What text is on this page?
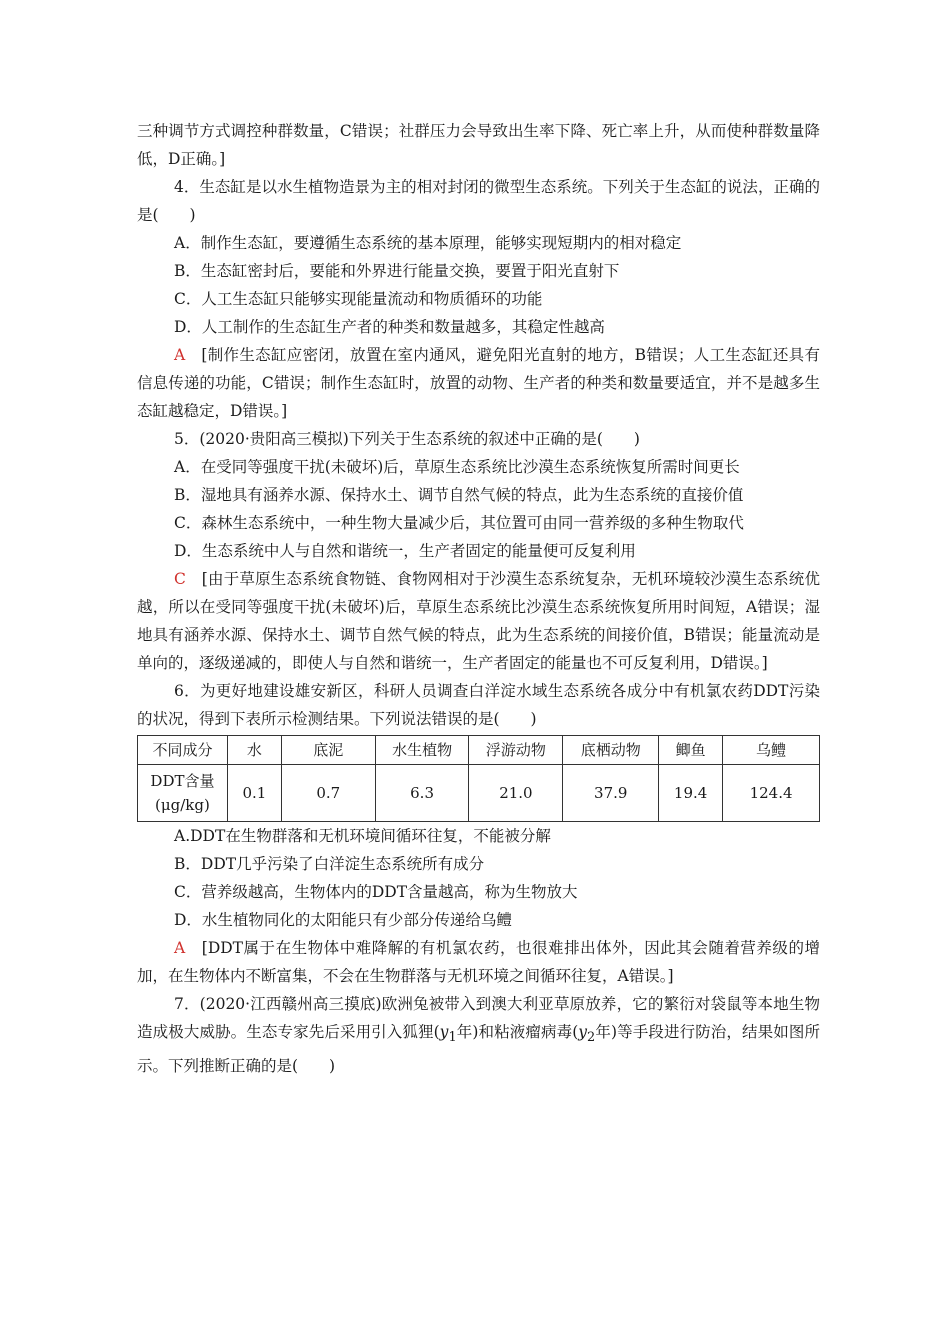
三种调节方式调控种群数量，C错误；社群压力会导致出生率下降、死亡率上升，从而使种群数量降低，D正确。]

4．生态缸是以水生植物造景为主的相对封闭的微型生态系统。下列关于生态缸的说法，正确的是(　　)

A．制作生态缸，要遵循生态系统的基本原理，能够实现短期内的相对稳定

B．生态缸密封后，要能和外界进行能量交换，要置于阳光直射下

C．人工生态缸只能够实现能量流动和物质循环的功能

D．人工制作的生态缸生产者的种类和数量越多，其稳定性越高

A　 [制作生态缸应密闭，放置在室内通风，避免阳光直射的地方，B错误；人工生态缸还具有信息传递的功能，C错误；制作生态缸时，放置的动物、生产者的种类和数量要适宜，并不是越多生态缸越稳定，D错误。]

5．(2020·贵阳高三模拟)下列关于生态系统的叙述中正确的是(　　)

A．在受同等强度干扰(未破坏)后，草原生态系统比沙漠生态系统恢复所需时间更长

B．湿地具有涵养水源、保持水土、调节自然气候的特点，此为生态系统的直接价值

C．森林生态系统中，一种生物大量减少后，其位置可由同一营养级的多种生物取代

D．生态系统中人与自然和谐统一，生产者固定的能量便可反复利用

C　 [由于草原生态系统食物链、食物网相对于沙漠生态系统复杂，无机环境较沙漠生态系统优越，所以在受同等强度干扰(未破坏)后，草原生态系统比沙漠生态系统恢复所用时间短，A错误；湿地具有涵养水源、保持水土、调节自然气候的特点，此为生态系统的间接价值，B错误；能量流动是单向的，逐级递减的，即使人与自然和谐统一，生产者固定的能量也不可反复利用，D错误。]

6．为更好地建设雄安新区，科研人员调查白洋淀水域生态系统各成分中有机氯农药DDT污染的状况，得到下表所示检测结果。下列说法错误的是(　　)

不同成分	水	底泥	水生植物	浮游动物	底栖动物	鲫鱼	乌鳢
DDT含量
(μg/kg)	0.1	0.7	6.3	21.0	37.9	19.4	124.4

A.DDT在生物群落和无机环境间循环往复，不能被分解

B．DDT几乎污染了白洋淀生态系统所有成分

C．营养级越高，生物体内的DDT含量越高，称为生物放大

D．水生植物同化的太阳能只有少部分传递给乌鳢

A　 [DDT属于在生物体中难降解的有机氯农药，也很难排出体外，因此其会随着营养级的增加，在生物体内不断富集，不会在生物群落与无机环境之间循环往复，A错误。]

7．(2020·江西赣州高三摸底)欧洲兔被带入到澳大利亚草原放养，它的繁衍对袋鼠等本地生物造成极大威胁。生态专家先后采用引入狐狸($y_1$年)和粘液瘤病毒($y_2$年)等手段进行防治，结果如图所示。下列推断正确的是(　　)
